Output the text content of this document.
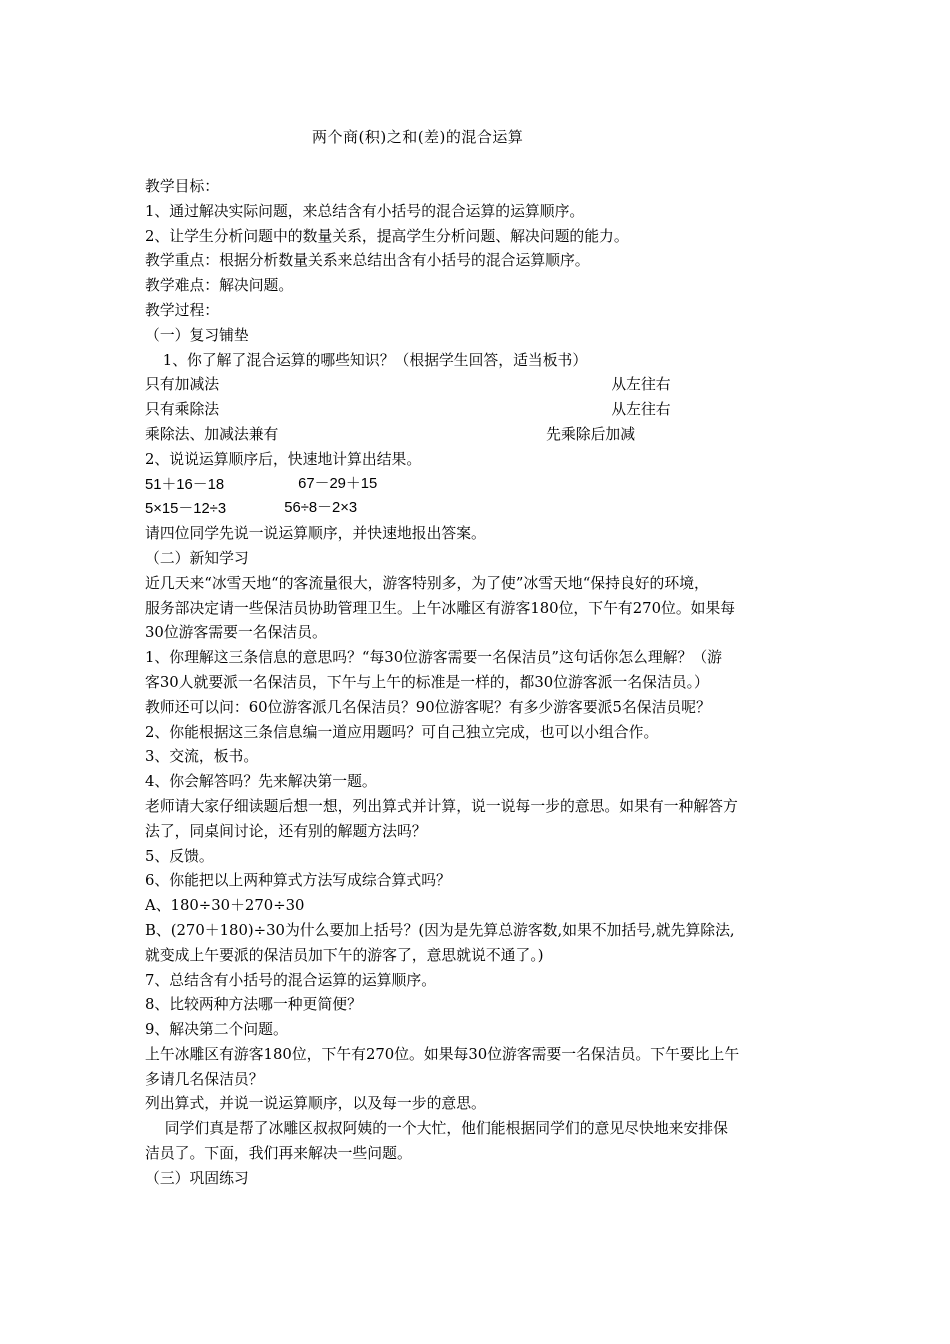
两个商(积)之和(差)的混合运算
教学目标：
1、通过解决实际问题，来总结含有小括号的混合运算的运算顺序。
2、让学生分析问题中的数量关系，提高学生分析问题、解决问题的能力。
教学重点：根据分析数量关系来总结出含有小括号的混合运算顺序。
教学难点：解决问题。
教学过程：
（一）复习铺垫
1、你了解了混合运算的哪些知识？（根据学生回答，适当板书）
只有加减法	从左往右
只有乘除法	从左往右
乘除法、加减法兼有	先乘除后加减
2、说说运算顺序后，快速地计算出结果。
51＋16－18	67－29＋15
5×15－12÷3	56÷8－2×3
请四位同学先说一说运算顺序，并快速地报出答案。
（二）新知学习
近几天来“冰雪天地“的客流量很大，游客特别多，为了使”冰雪天地“保持良好的环境，
服务部决定请一些保洁员协助管理卫生。上午冰雕区有游客180位，下午有270位。如果每
30位游客需要一名保洁员。
1、你理解这三条信息的意思吗？“每30位游客需要一名保洁员”这句话你怎么理解？（游
客30人就要派一名保洁员，下午与上午的标准是一样的，都30位游客派一名保洁员。）
教师还可以问：60位游客派几名保洁员？90位游客呢？有多少游客要派5名保洁员呢？
2、你能根据这三条信息编一道应用题吗？可自己独立完成，也可以小组合作。
3、交流，板书。
4、你会解答吗？先来解决第一题。
老师请大家仔细读题后想一想，列出算式并计算，说一说每一步的意思。如果有一种解答方
法了，同桌间讨论，还有别的解题方法吗？
5、反馈。
6、你能把以上两种算式方法写成综合算式吗？
A、180÷30＋270÷30
B、(270＋180)÷30为什么要加上括号？(因为是先算总游客数,如果不加括号,就先算除法,
就变成上午要派的保洁员加下午的游客了，意思就说不通了。)
7、总结含有小括号的混合运算的运算顺序。
8、比较两种方法哪一种更简便？
9、解决第二个问题。
上午冰雕区有游客180位，下午有270位。如果每30位游客需要一名保洁员。下午要比上午
多请几名保洁员？
列出算式，并说一说运算顺序，以及每一步的意思。
同学们真是帮了冰雕区叔叔阿姨的一个大忙，他们能根据同学们的意见尽快地来安排保
洁员了。下面，我们再来解决一些问题。
（三）巩固练习
